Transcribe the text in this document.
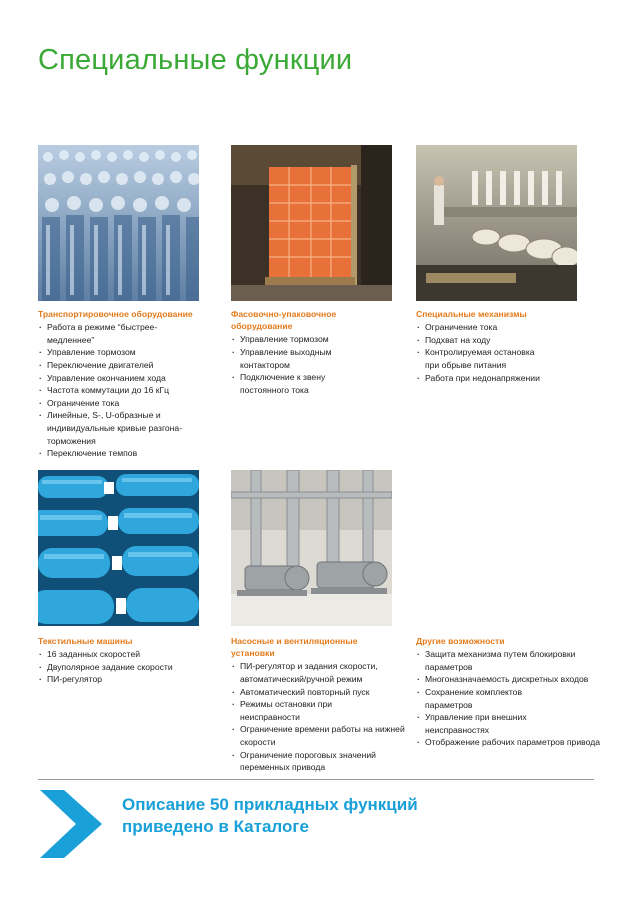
Специальные функции
Транспортировочное оборудование
· Работа в режиме “быстрее-медленнее”
· Управление тормозом
· Переключение двигателей
· Управление окончанием хода
· Частота коммутации до 16 кГц
· Ограничение тока
· Линейные, S-, U-образные и индивидуальные кривые разгона-торможения
· Переключение темпов
Фасовочно-упаковочное оборудование
· Управление тормозом
· Управление выходным контактором
· Подключение к звену постоянного тока
Специальные механизмы
· Ограничение тока
· Подхват на ходу
· Контролируемая остановка при обрыве питания
· Работа при недонапряжении
Текстильные машины
· 16 заданных скоростей
· Двуполярное задание скорости
· ПИ-регулятор
Насосные и вентиляционные установки
· ПИ-регулятор и задания скорости, автоматический/ручной режим
· Автоматический повторный пуск
· Режимы остановки при неисправности
· Ограничение времени работы на нижней скорости
· Ограничение пороговых значений переменных привода
Другие возможности
· Защита механизма путем блокировки параметров
· Многоназначаемость дискретных входов
· Сохранение комплектов параметров
· Управление при внешних неисправностях
· Отображение рабочих параметров привода
Описание 50 прикладных функций
приведено в Каталоге
